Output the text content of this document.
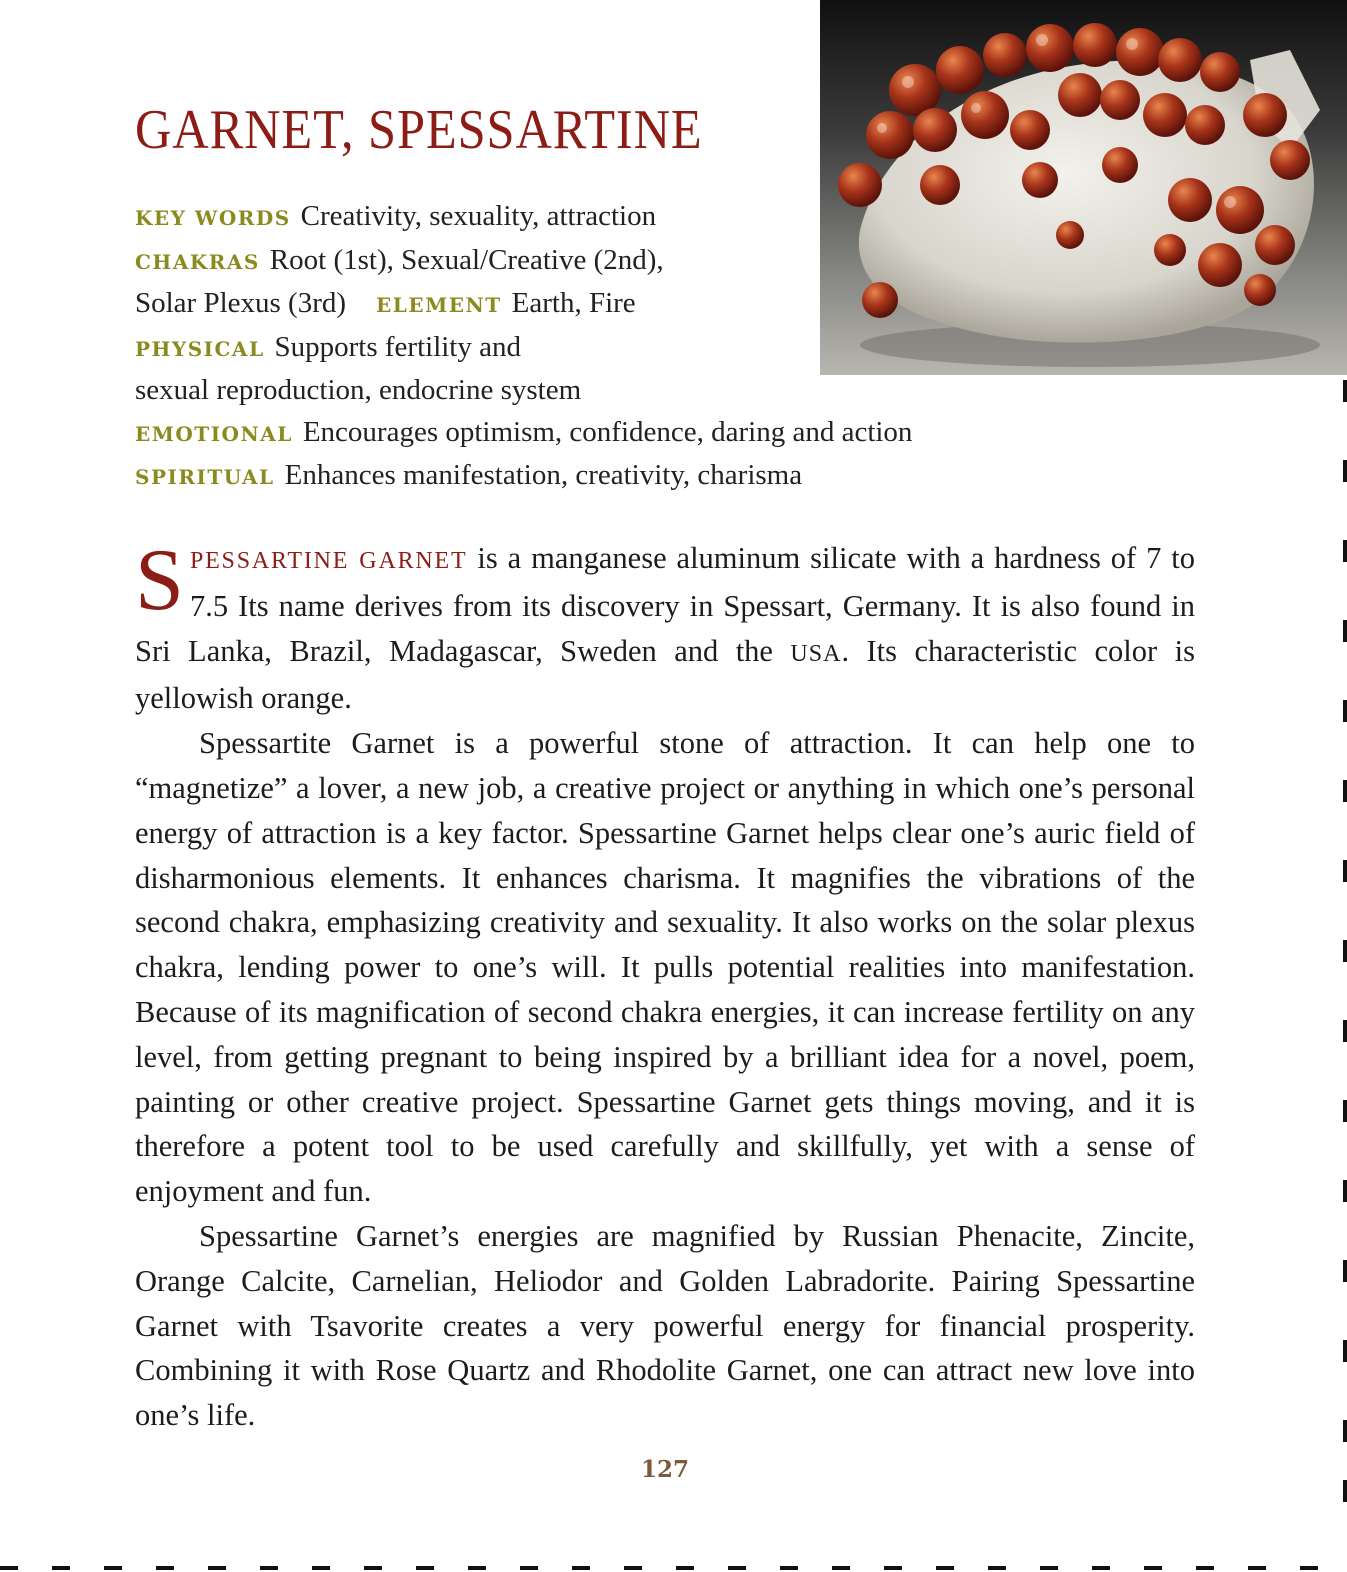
GARNET, SPESSARTINE
KEY WORDS Creativity, sexuality, attraction
CHAKRAS Root (1st), Sexual/Creative (2nd),
Solar Plexus (3rd) ELEMENT Earth, Fire
PHYSICAL Supports fertility and
sexual reproduction, endocrine system
EMOTIONAL Encourages optimism, confidence, daring and action
SPIRITUAL Enhances manifestation, creativity, charisma

SPESSARTINE GARNET is a manganese aluminum silicate with a hardness of 7 to 7.5 Its name derives from its discovery in Spessart, Germany. It is also found in Sri Lanka, Brazil, Madagascar, Sweden and the USA. Its characteristic color is yellowish orange.

Spessartite Garnet is a powerful stone of attraction. It can help one to “magnetize” a lover, a new job, a creative project or anything in which one’s personal energy of attraction is a key factor. Spessartine Garnet helps clear one’s auric field of disharmonious elements. It enhances charisma. It magnifies the vibrations of the second chakra, emphasizing creativity and sexuality. It also works on the solar plexus chakra, lending power to one’s will. It pulls potential realities into manifestation. Because of its magnification of second chakra energies, it can increase fertility on any level, from getting pregnant to being inspired by a brilliant idea for a novel, poem, painting or other creative project. Spessartine Garnet gets things moving, and it is therefore a potent tool to be used carefully and skillfully, yet with a sense of enjoyment and fun.

Spessartine Garnet’s energies are magnified by Russian Phenacite, Zincite, Orange Calcite, Carnelian, Heliodor and Golden Labradorite. Pairing Spessartine Garnet with Tsavorite creates a very powerful energy for financial prosperity. Combining it with Rose Quartz and Rhodolite Garnet, one can attract new love into one’s life.

127
